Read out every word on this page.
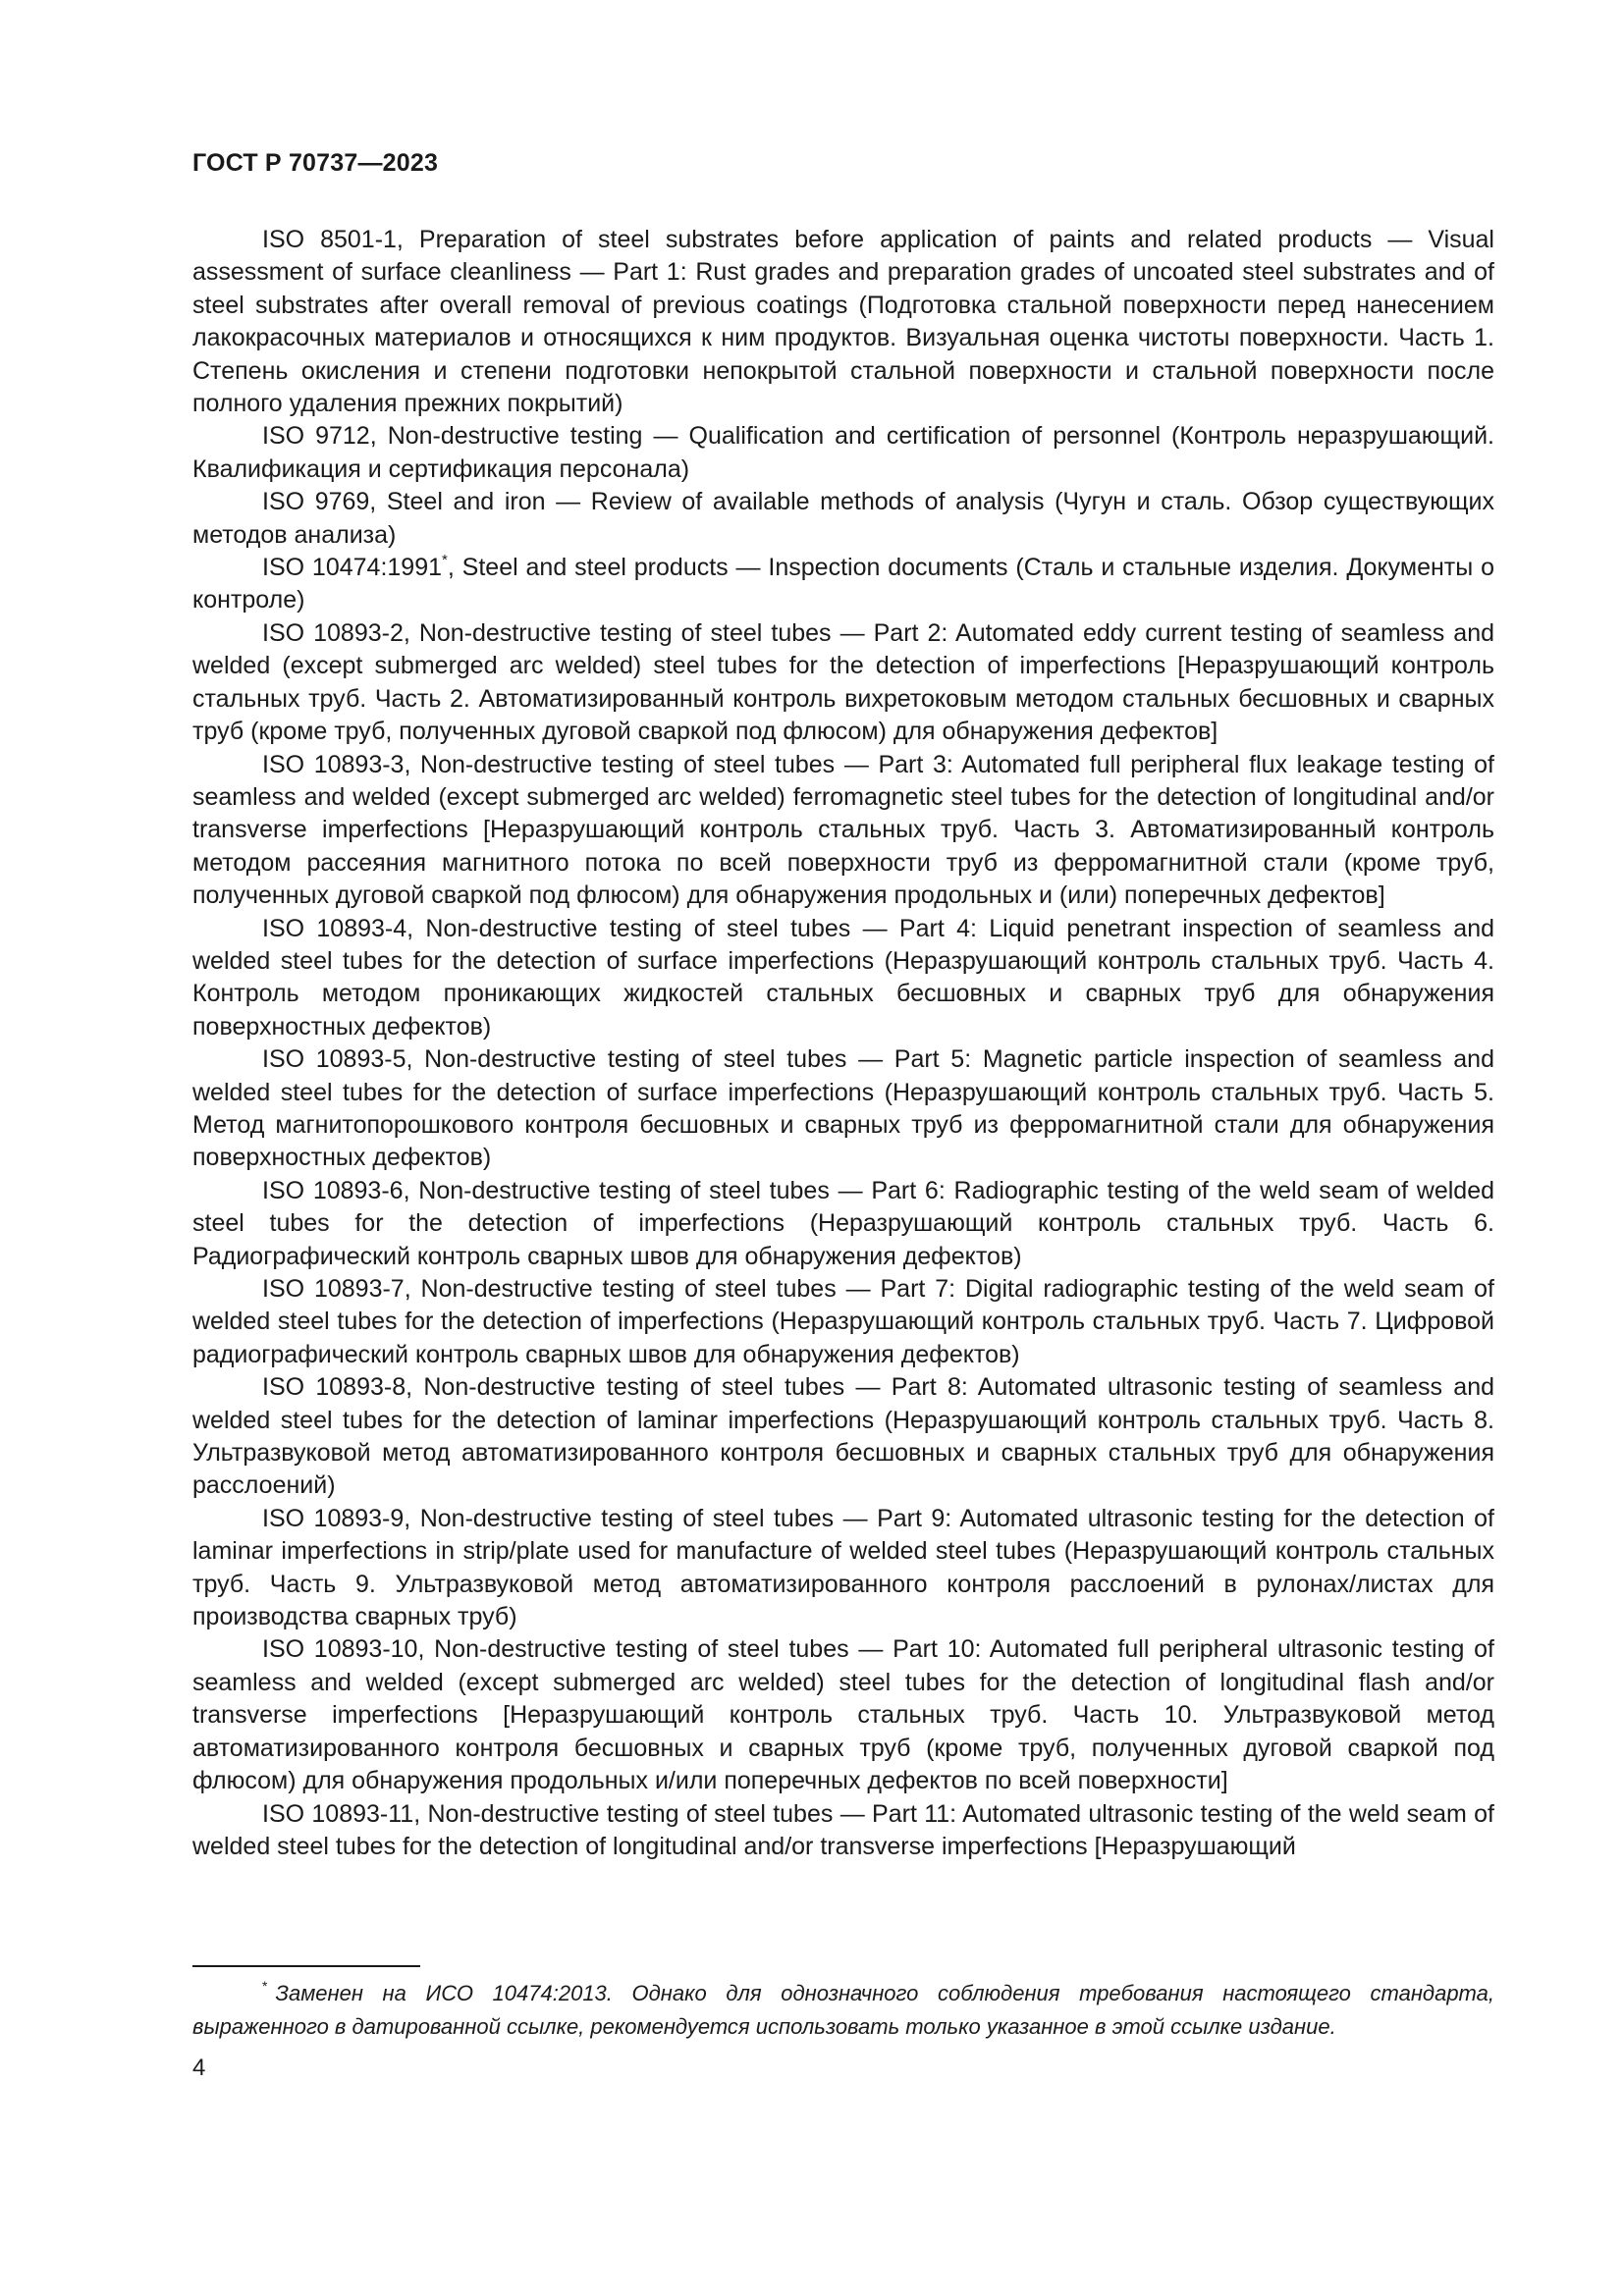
ГОСТ Р 70737—2023

ISO 8501-1, Preparation of steel substrates before application of paints and related products — Visual assessment of surface cleanliness — Part 1: Rust grades and preparation grades of uncoated steel substrates and of steel substrates after overall removal of previous coatings (Подготовка стальной поверхности перед нанесением лакокрасочных материалов и относящихся к ним продуктов. Визуальная оценка чистоты поверхности. Часть 1. Степень окисления и степени подготовки непокрытой стальной поверхности и стальной поверхности после полного удаления прежних покрытий)

ISO 9712, Non-destructive testing — Qualification and certification of personnel (Контроль неразрушающий. Квалификация и сертификация персонала)

ISO 9769, Steel and iron — Review of available methods of analysis (Чугун и сталь. Обзор существующих методов анализа)

ISO 10474:1991*, Steel and steel products — Inspection documents (Сталь и стальные изделия. Документы о контроле)

ISO 10893-2, Non-destructive testing of steel tubes — Part 2: Automated eddy current testing of seamless and welded (except submerged arc welded) steel tubes for the detection of imperfections [Неразрушающий контроль стальных труб. Часть 2. Автоматизированный контроль вихретоковым методом стальных бесшовных и сварных труб (кроме труб, полученных дуговой сваркой под флюсом) для обнаружения дефектов]

ISO 10893-3, Non-destructive testing of steel tubes — Part 3: Automated full peripheral flux leakage testing of seamless and welded (except submerged arc welded) ferromagnetic steel tubes for the detection of longitudinal and/or transverse imperfections [Неразрушающий контроль стальных труб. Часть 3. Автоматизированный контроль методом рассеяния магнитного потока по всей поверхности труб из ферромагнитной стали (кроме труб, полученных дуговой сваркой под флюсом) для обнаружения продольных и (или) поперечных дефектов]

ISO 10893-4, Non-destructive testing of steel tubes — Part 4: Liquid penetrant inspection of seamless and welded steel tubes for the detection of surface imperfections (Неразрушающий контроль стальных труб. Часть 4. Контроль методом проникающих жидкостей стальных бесшовных и сварных труб для обнаружения поверхностных дефектов)

ISO 10893-5, Non-destructive testing of steel tubes — Part 5: Magnetic particle inspection of seamless and welded steel tubes for the detection of surface imperfections (Неразрушающий контроль стальных труб. Часть 5. Метод магнитопорошкового контроля бесшовных и сварных труб из ферромагнитной стали для обнаружения поверхностных дефектов)

ISO 10893-6, Non-destructive testing of steel tubes — Part 6: Radiographic testing of the weld seam of welded steel tubes for the detection of imperfections (Неразрушающий контроль стальных труб. Часть 6. Радиографический контроль сварных швов для обнаружения дефектов)

ISO 10893-7, Non-destructive testing of steel tubes — Part 7: Digital radiographic testing of the weld seam of welded steel tubes for the detection of imperfections (Неразрушающий контроль стальных труб. Часть 7. Цифровой радиографический контроль сварных швов для обнаружения дефектов)

ISO 10893-8, Non-destructive testing of steel tubes — Part 8: Automated ultrasonic testing of seamless and welded steel tubes for the detection of laminar imperfections (Неразрушающий контроль стальных труб. Часть 8. Ультразвуковой метод автоматизированного контроля бесшовных и сварных стальных труб для обнаружения расслоений)

ISO 10893-9, Non-destructive testing of steel tubes — Part 9: Automated ultrasonic testing for the detection of laminar imperfections in strip/plate used for manufacture of welded steel tubes (Неразрушающий контроль стальных труб. Часть 9. Ультразвуковой метод автоматизированного контроля расслоений в рулонах/листах для производства сварных труб)

ISO 10893-10, Non-destructive testing of steel tubes — Part 10: Automated full peripheral ultrasonic testing of seamless and welded (except submerged arc welded) steel tubes for the detection of longitudinal flash and/or transverse imperfections [Неразрушающий контроль стальных труб. Часть 10. Ультразвуковой метод автоматизированного контроля бесшовных и сварных труб (кроме труб, полученных дуговой сваркой под флюсом) для обнаружения продольных и/или поперечных дефектов по всей поверхности]

ISO 10893-11, Non-destructive testing of steel tubes — Part 11: Automated ultrasonic testing of the weld seam of welded steel tubes for the detection of longitudinal and/or transverse imperfections [Неразрушающий

* Заменен на ИСО 10474:2013. Однако для однозначного соблюдения требования настоящего стандарта, выраженного в датированной ссылке, рекомендуется использовать только указанное в этой ссылке издание.
4
